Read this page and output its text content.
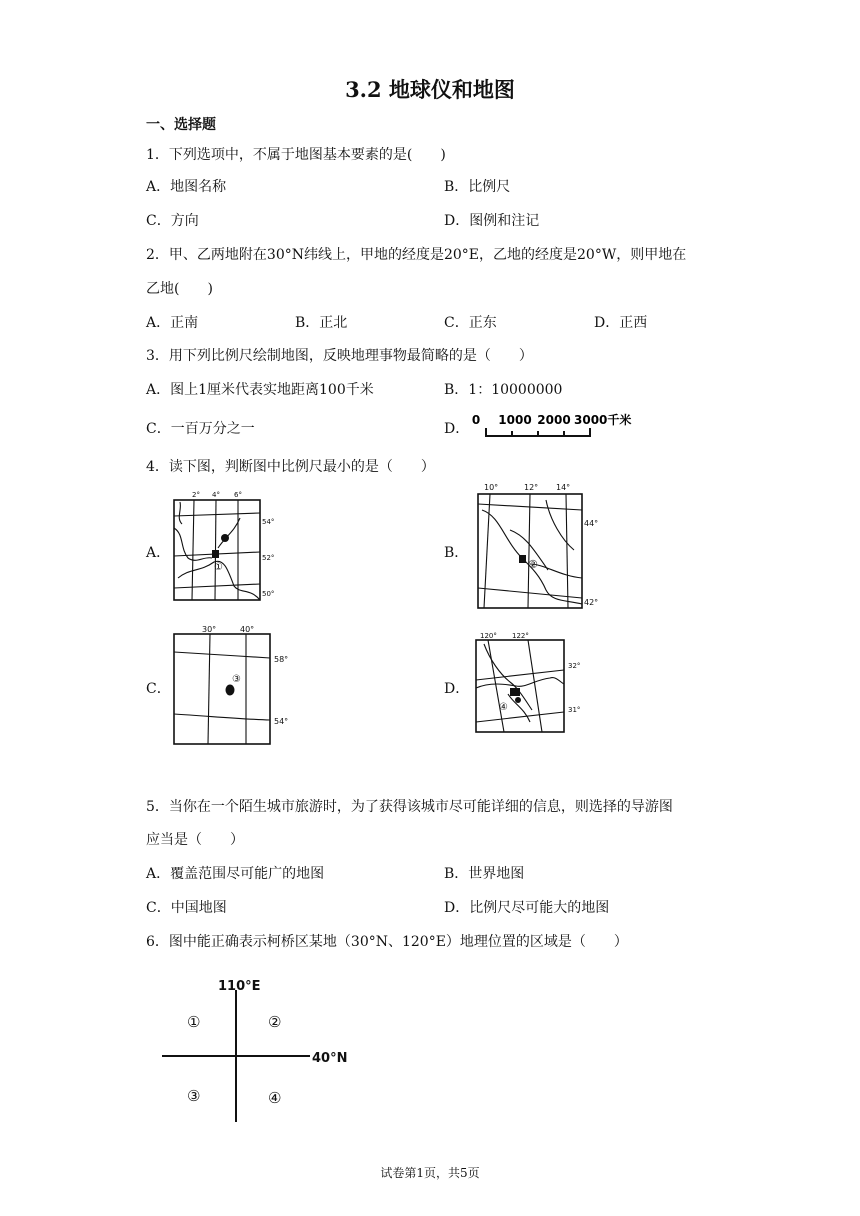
3.2 地球仪和地图
一、选择题
1．下列选项中，不属于地图基本要素的是(　　)
A．地图名称	B．比例尺
C．方向	D．图例和注记
2．甲、乙两地附在30°N纬线上，甲地的经度是20°E，乙地的经度是20°W，则甲地在
乙地(　　)
A．正南	B．正北	C．正东	D．正西
3．用下列比例尺绘制地图，反映地理事物最简略的是（　　）
A．图上1厘米代表实地距离100千米	B．1：10000000
C．一百万分之一	D．
0 1000 2000 3000千米
4．读下图，判断图中比例尺最小的是（　　）
A．	B．
C．	D．
2° 4° 6°
54°
52°
50°
①
10°	12° 14°
44°
42°
②
30°	40°
58°
54°
③
120° 122°
32°
31°
④
5．当你在一个陌生城市旅游时，为了获得该城市尽可能详细的信息，则选择的导游图
应当是（　　）
A．覆盖范围尽可能广的地图	B．世界地图
C．中国地图	D．比例尺尽可能大的地图
6．图中能正确表示柯桥区某地（30°N、120°E）地理位置的区域是（　　）
110°E
40°N
①	②
③	④
试卷第1页，共5页
